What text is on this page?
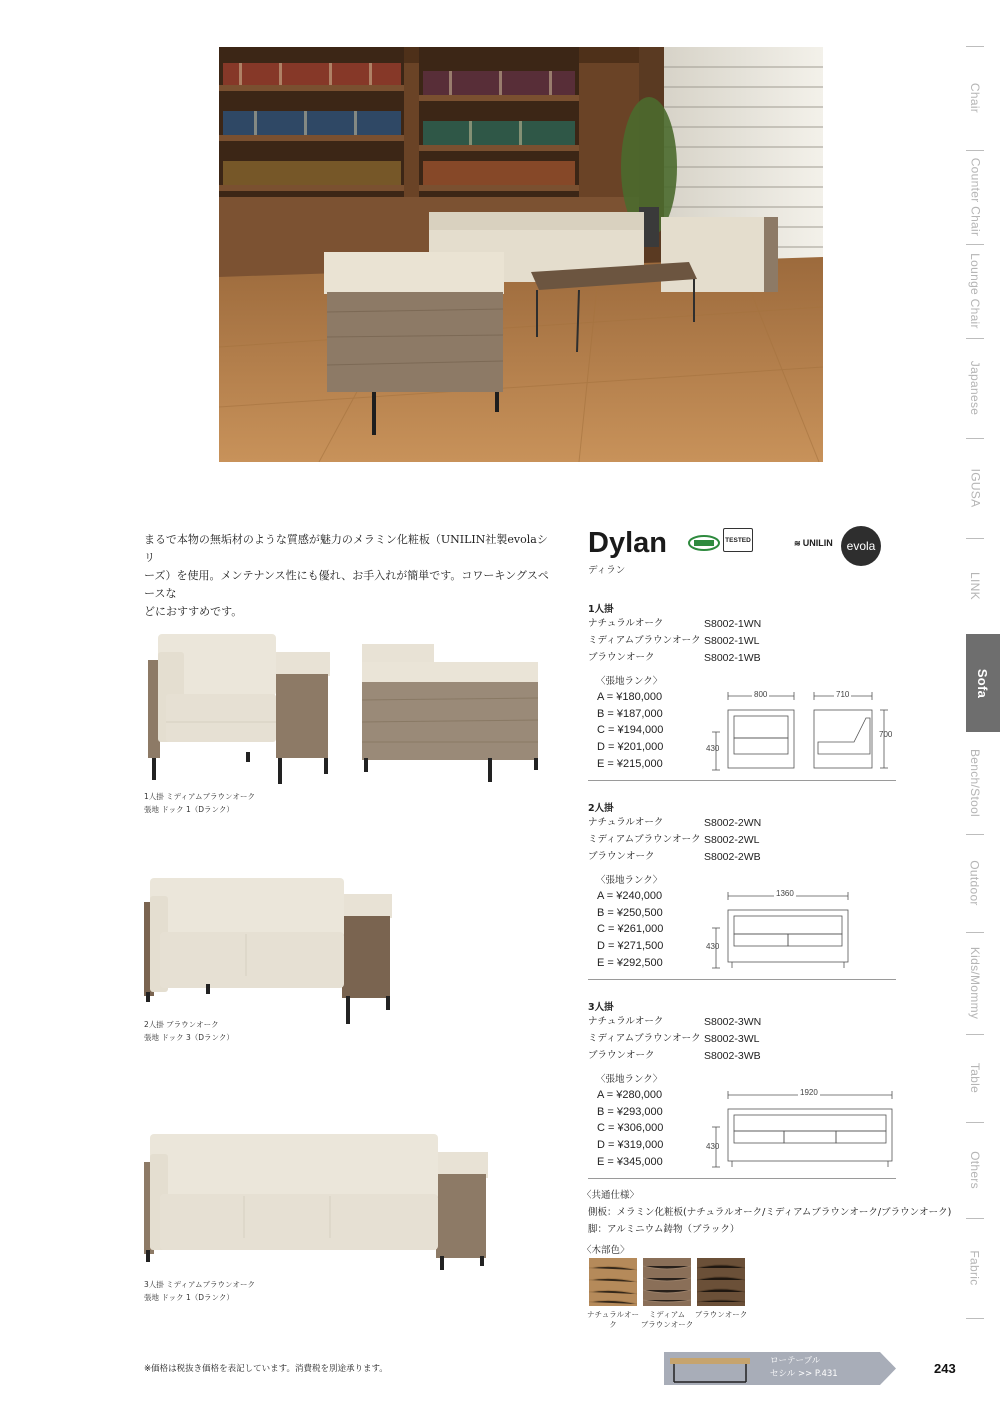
Chair
Counter Chair
Lounge Chair
Japanese
IGUSA
LINK
Sofa
Bench/Stool
Outdoor
Kids/Mommy
Table
Others
Fabric
まるで本物の無垢材のような質感が魅力のメラミン化粧板（UNILIN社製evolaシリ
ーズ）を使用。メンテナンス性にも優れ、お手入れが簡単です。コワーキングスペースな
どにおすすめです。
1人掛 ミディアムブラウンオーク
張地 ドック 1（Dランク）
2人掛 ブラウンオーク
張地 ドック 3（Dランク）
3人掛 ミディアムブラウンオーク
張地 ドック 1（Dランク）
Dylan
ディラン
TESTED	≋ UNILIN evola
1人掛
ナチュラルオーク	S8002-1WN
ミディアムブラウンオーク S8002-1WL
ブラウンオーク	S8002-1WB
〈張地ランク〉
A = ¥180,000
B = ¥187,000
C = ¥194,000
D = ¥201,000
E = ¥215,000
800	710
430
700
2人掛
ナチュラルオーク	S8002-2WN
ミディアムブラウンオーク S8002-2WL
ブラウンオーク	S8002-2WB
〈張地ランク〉
A = ¥240,000
B = ¥250,500
C = ¥261,000
D = ¥271,500
E = ¥292,500
1360
430
3人掛
ナチュラルオーク	S8002-3WN
ミディアムブラウンオーク S8002-3WL
ブラウンオーク	S8002-3WB
〈張地ランク〉
A = ¥280,000
B = ¥293,000
C = ¥306,000
D = ¥319,000
E = ¥345,000
1920
430
〈共通仕様〉
側板：メラミン化粧板(ナチュラルオーク/ミディアムブラウンオーク/ブラウンオーク)
脚：アルミニウム鋳物（ブラック）
〈木部色〉
ナチュラルオーク
ミディアム
ブラウンオーク
ブラウンオーク
※価格は税抜き価格を表記しています。消費税を別途承ります。
ローテーブル
セシル >> P.431	243
